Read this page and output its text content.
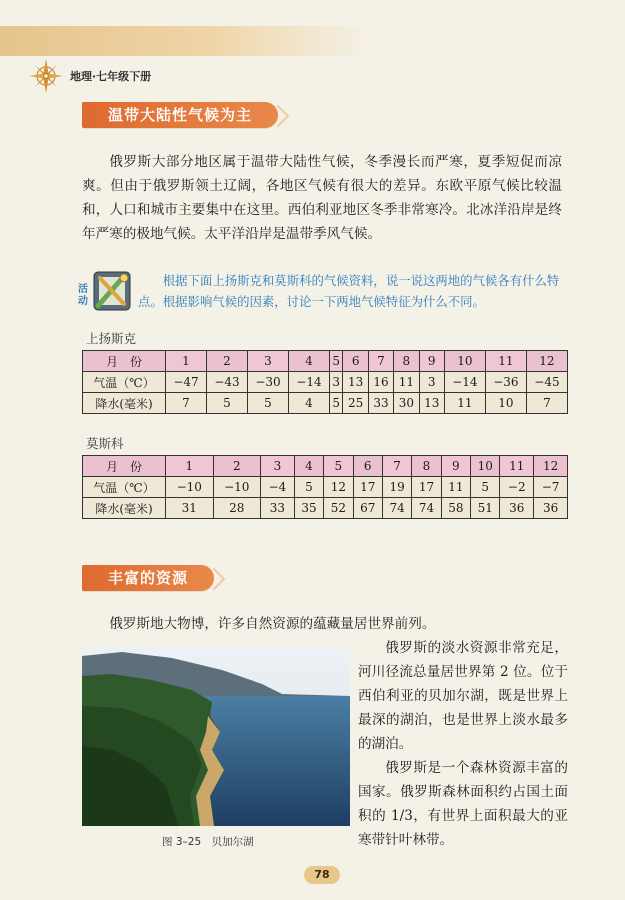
地理·七年级下册
温带大陆性气候为主

俄罗斯大部分地区属于温带大陆性气候，冬季漫长而严寒，夏季短促而凉爽。但由于俄罗斯领土辽阔，各地区气候有很大的差异。东欧平原气候比较温和，人口和城市主要集中在这里。西伯利亚地区冬季非常寒冷。北冰洋沿岸是终年严寒的极地气候。太平洋沿岸是温带季风气候。

活
动

根据下面上扬斯克和莫斯科的气候资料，说一说这两地的气候各有什么特点。根据影响气候的因素，讨论一下两地气候特征为什么不同。

上扬斯克
月　份	1	2	3	4	5	6	7	8	9	10	11	12
气温（℃）	−47	−43	−30	−14	3	13	16	11	3	−14	−36	−45
降水(毫米)	7	5	5	4	5	25	33	30	13	11	10	7
莫斯科
月　份	1	2	3	4	5	6	7	8	9	10	11	12
气温（℃）	−10	−10	−4	5	12	17	19	17	11	5	−2	−7
降水(毫米)	31	28	33	35	52	67	74	74	58	51	36	36
丰富的资源

俄罗斯地大物博，许多自然资源的蕴藏量居世界前列。

图 3–25　贝加尔湖

俄罗斯的淡水资源非常充足，河川径流总量居世界第 2 位。位于西伯利亚的贝加尔湖，既是世界上最深的湖泊，也是世界上淡水最多的湖泊。

俄罗斯是一个森林资源丰富的国家。俄罗斯森林面积约占国土面积的 1/3，有世界上面积最大的亚寒带针叶林带。

78
